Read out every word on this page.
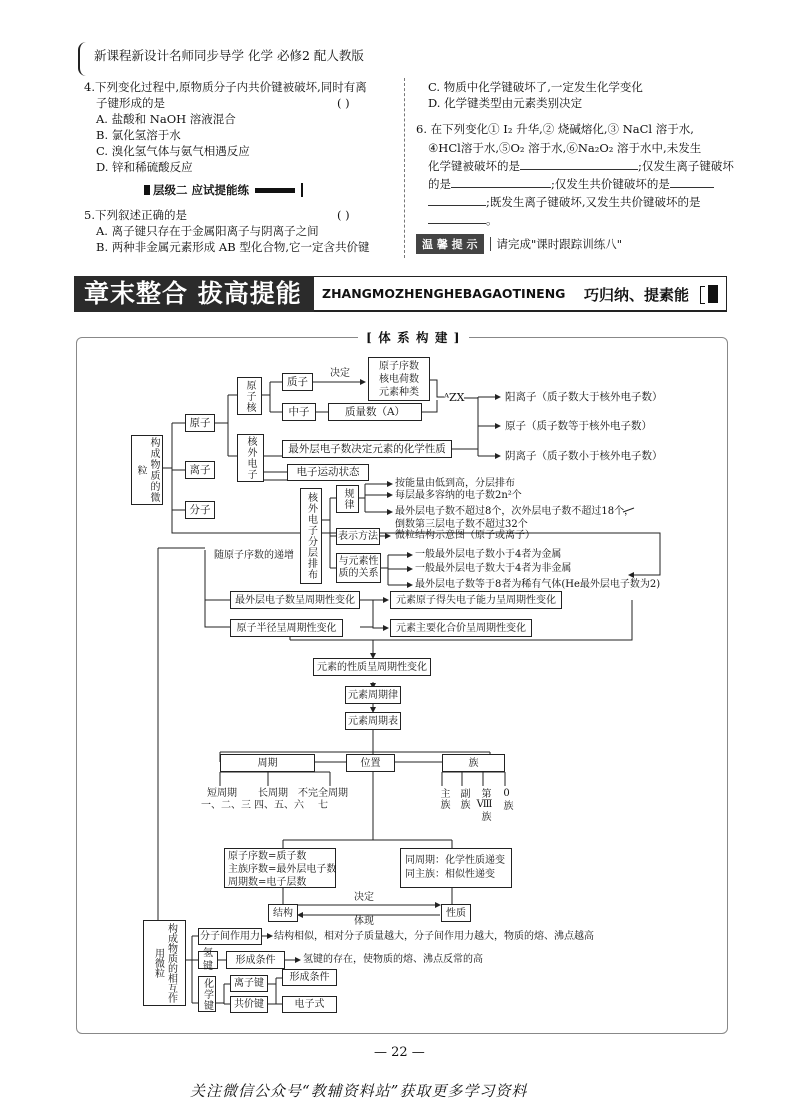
新课程新设计名师同步导学 化学 必修2 配人教版
4.下列变化过程中,原物质分子内共价键被破坏,同时有离
子键形成的是	( )
A. 盐酸和 NaOH 溶液混合
B. 氯化氢溶于水
C. 溴化氢气体与氨气相遇反应
D. 锌和稀硫酸反应
层级二 应试提能练
5.下列叙述正确的是	( )
A. 离子键只存在于金属阳离子与阴离子之间
B. 两种非金属元素形成 AB 型化合物,它一定含共价键
C. 物质中化学键破坏了,一定发生化学变化
D. 化学键类型由元素类别决定
6. 在下列变化① I₂ 升华,② 烧碱熔化,③ NaCl 溶于水,
④HCl溶于水,⑤O₂ 溶于水,⑥Na₂O₂ 溶于水中,未发生
化学键被破坏的是	;仅发生离子键破坏
的是	;仅发生共价键破坏的是
;既发生离子键破坏,又发生共价键破坏的是
。
温 馨 提 示	请完成"课时跟踪训练八"
章末整合 拔高提能 ZHANGMOZHENGHEBAGAOTINENG 巧归纳、提素能
[ 体 系 构 建 ]
构成物质的微粒
原子
离子
分子
原子核
核外电子
质子
中子
决定
原子序数
核电荷数
元素种类
质量数（A）
ᴬZX	阳离子（质子数大于核外电子数）
原子（质子数等于核外电子数）
阴离子（质子数小于核外电子数）
最外层电子数决定元素的化学性质
电子运动状态
核外电子分层排布	规律
按能量由低到高，分层排布
每层最多容纳的电子数2n²个
最外层电子数不超过8个，次外层电子数不超过18个，
倒数第三层电子数不超过32个
表示方法 微粒结构示意图（原子或离子）
与元素性质的关系
一般最外层电子数小于4者为金属
一般最外层电子数大于4者为非金属
最外层电子数等于8者为稀有气体(He最外层电子数为2)
随原子序数的递增
最外层电子数呈周期性变化
原子半径呈周期性变化
元素原子得失电子能力呈周期性变化
元素主要化合价呈周期性变化
元素的性质呈周期性变化
元素周期律
元素周期表
周期	位置	族
短周期
一、二、三
长周期
四、五、六
不完全周期
七	主族 副族 第Ⅷ族 0族
原子序数=质子数
主族序数=最外层电子数
周期数=电子层数
同周期：化学性质递变
同主族：相似性递变
结构	性质
决定
体现
构成物质的相互作用微粒
分子间作用力 结构相似，相对分子质量越大，分子间作用力越大，物质的熔、沸点越高
氢键
形成条件	氢键的存在，使物质的熔、沸点反常的高
化学键	离子键
共价键
形成条件
电子式
— 22 —
关注微信公众号“教辅资料站”获取更多学习资料
